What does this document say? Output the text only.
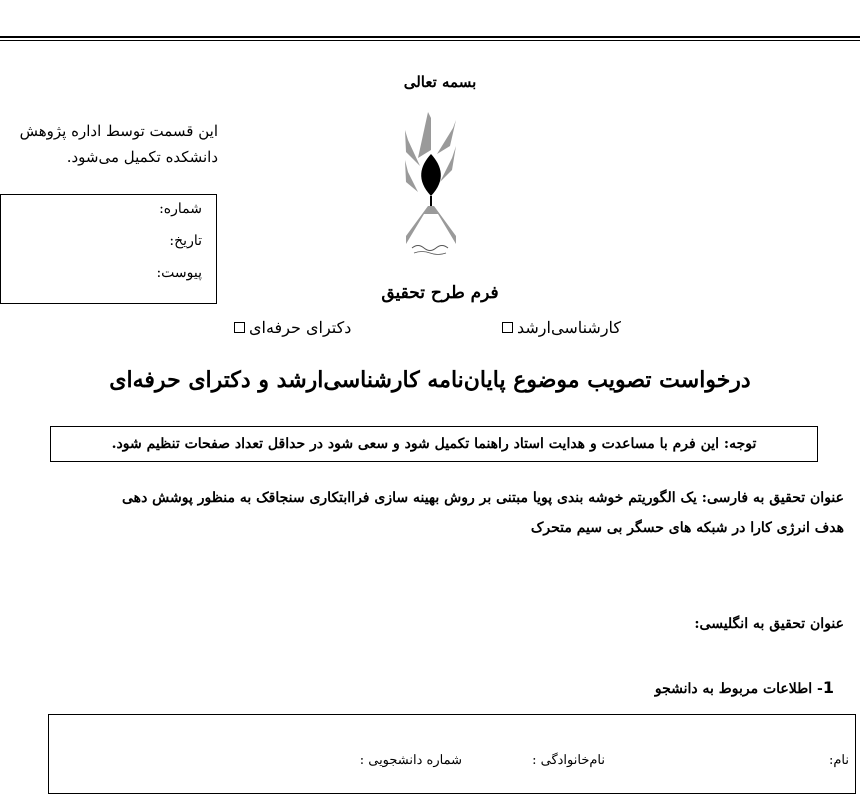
بسمه تعالی
این قسمت توسط اداره پژوهش
دانشکده تکمیل می‌شود.
شماره:
تاریخ:
پیوست:
فرم طرح تحقیق
کارشناسی‌ارشد
دکترای حرفه‌ای
درخواست تصویب موضوع پایان‌نامه کارشناسی‌ارشد و دکترای حرفه‌ای
توجه: این فرم با مساعدت و هدایت استاد راهنما تکمیل شود و سعی شود در حداقل تعداد صفحات تنظیم شود.
عنوان تحقیق به فارسی: یک الگوریتم خوشه بندی پویا مبتنی بر روش بهینه سازی فراابتکاری سنجاقک به منظور پوشش دهی
هدف انرژی کارا در شبکه های حسگر بی سیم متحرک
عنوان تحقیق به انگلیسی:
1- اطلاعات مربوط به دانشجو
نام:
نام‌خانوادگی :
شماره دانشجویی :
